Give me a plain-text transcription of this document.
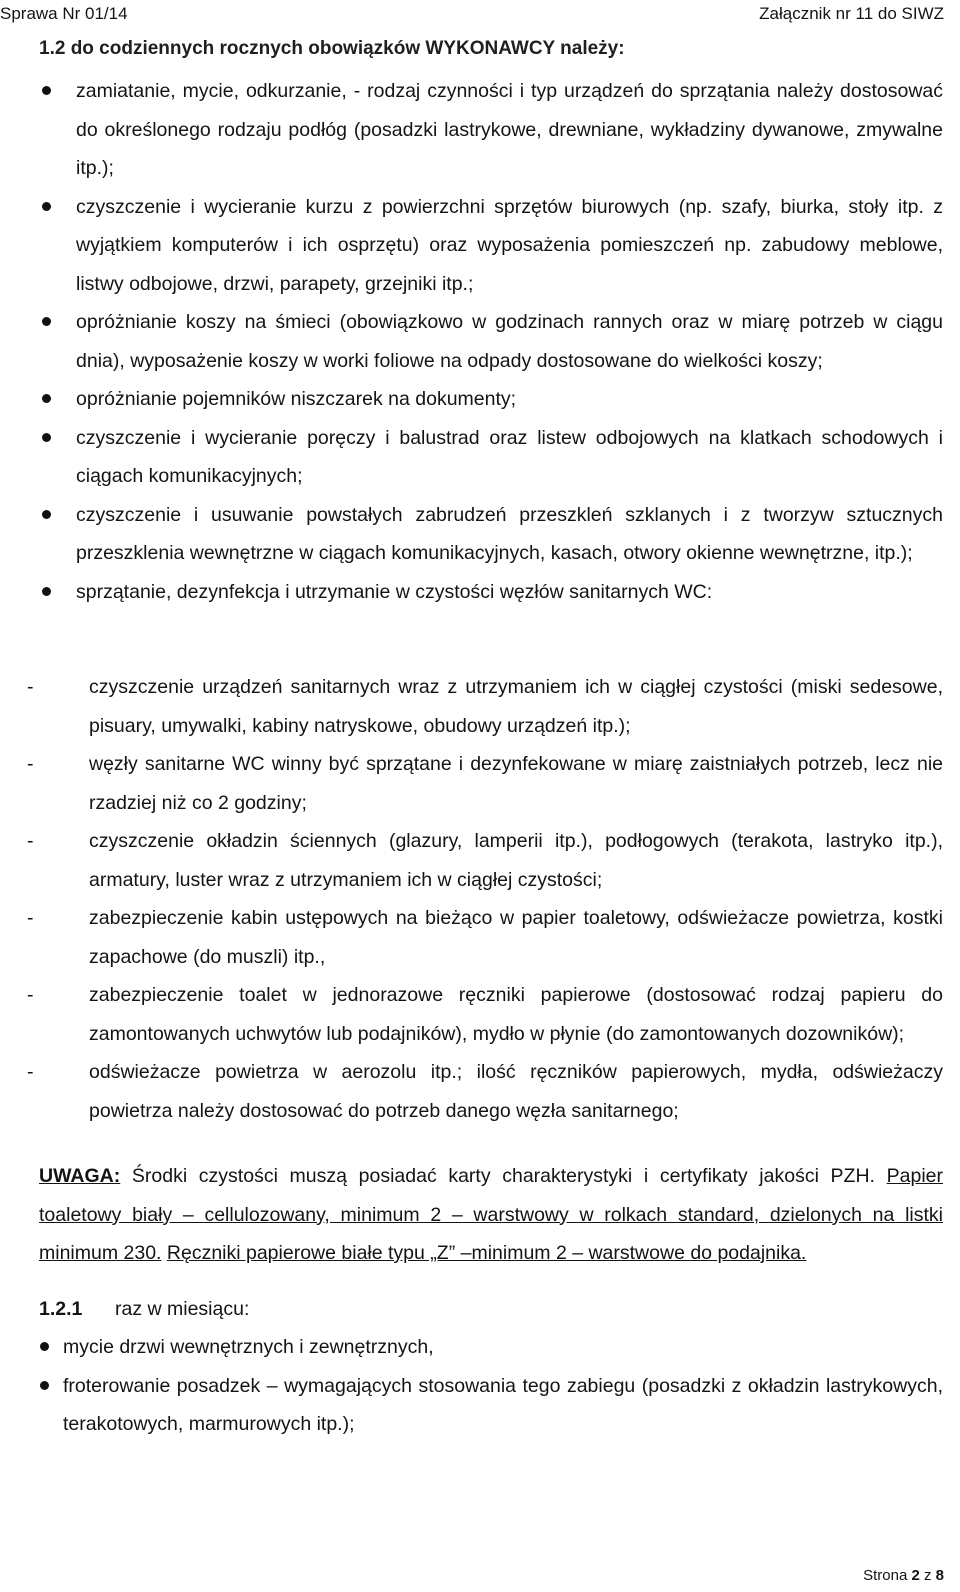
Sprawa Nr 01/14	Załącznik nr 11 do SIWZ
1.2 do codziennych rocznych obowiązków WYKONAWCY należy:
zamiatanie, mycie, odkurzanie, - rodzaj czynności i typ urządzeń do sprzątania należy dostosować do określonego rodzaju podłóg (posadzki lastrykowe, drewniane, wykładziny dywanowe, zmywalne itp.);
czyszczenie i wycieranie kurzu z powierzchni sprzętów biurowych (np. szafy, biurka, stoły itp. z wyjątkiem komputerów i ich osprzętu) oraz wyposażenia pomieszczeń np. zabudowy meblowe, listwy odbojowe, drzwi, parapety, grzejniki itp.;
opróżnianie koszy na śmieci (obowiązkowo w godzinach rannych oraz w miarę potrzeb w ciągu dnia), wyposażenie koszy w worki foliowe na odpady dostosowane do wielkości koszy;
opróżnianie pojemników niszczarek na dokumenty;
czyszczenie i wycieranie poręczy i balustrad oraz listew odbojowych na klatkach schodowych i ciągach komunikacyjnych;
czyszczenie i usuwanie powstałych zabrudzeń przeszkleń szklanych i z tworzyw sztucznych przeszklenia wewnętrzne w ciągach komunikacyjnych, kasach, otwory okienne wewnętrzne, itp.);
sprzątanie, dezynfekcja i utrzymanie w czystości węzłów sanitarnych WC:
-	czyszczenie urządzeń sanitarnych wraz z utrzymaniem ich w ciągłej czystości (miski sedesowe, pisuary, umywalki, kabiny natryskowe, obudowy urządzeń itp.);
-	węzły sanitarne WC winny być sprzątane i dezynfekowane w miarę zaistniałych potrzeb, lecz nie rzadziej niż co 2 godziny;
-	czyszczenie okładzin ściennych (glazury, lamperii itp.), podłogowych (terakota, lastryko itp.), armatury, luster wraz z utrzymaniem ich w ciągłej czystości;
-	zabezpieczenie kabin ustępowych na bieżąco w papier toaletowy, odświeżacze powietrza, kostki zapachowe (do muszli) itp.,
-	zabezpieczenie toalet w jednorazowe ręczniki papierowe (dostosować rodzaj papieru do zamontowanych uchwytów lub podajników), mydło w płynie (do zamontowanych dozowników);
-	odświeżacze powietrza w aerozolu itp.; ilość ręczników papierowych, mydła, odświeżaczy powietrza należy dostosować do potrzeb danego węzła sanitarnego;
UWAGA: Środki czystości muszą posiadać karty charakterystyki i certyfikaty jakości PZH. Papier toaletowy biały – cellulozowany, minimum 2 – warstwowy w rolkach standard, dzielonych na listki minimum 230. Ręczniki papierowe białe typu „Z” –minimum 2 – warstwowe do podajnika.
1.2.1 raz w miesiącu:
mycie drzwi wewnętrznych i zewnętrznych,
froterowanie posadzek – wymagających stosowania tego zabiegu (posadzki z okładzin lastrykowych, terakotowych, marmurowych itp.);
Strona 2 z 8
